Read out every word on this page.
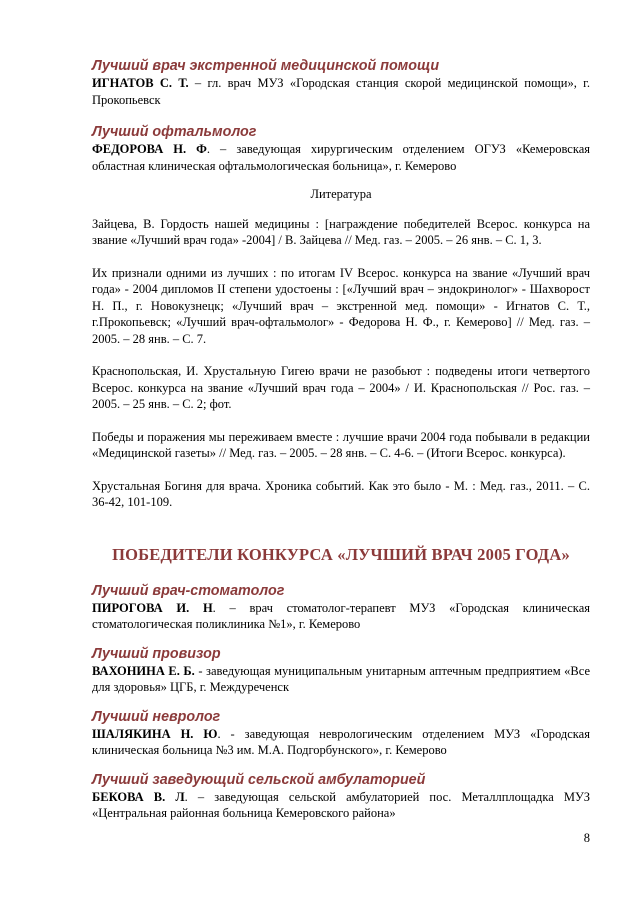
Лучший врач экстренной медицинской помощи

ИГНАТОВ С. Т. – гл. врач МУЗ «Городская станция скорой медицинской помощи», г. Прокопьевск

Лучший офтальмолог

ФЕДОРОВА Н. Ф. – заведующая хирургическим отделением ОГУЗ «Кемеровская областная клиническая офтальмологическая больница», г. Кемерово

Литература

Зайцева, В. Гордость нашей медицины : [награждение победителей Всерос. конкурса на звание «Лучший врач года» -2004] / В. Зайцева // Мед. газ. – 2005. – 26 янв. – С. 1, 3.

Их признали одними из лучших : по итогам IV Всерос. конкурса на звание «Лучший врач года» - 2004 дипломов II степени удостоены : [«Лучший врач – эндокринолог» - Шахворост Н. П., г. Новокузнецк; «Лучший врач – экстренной мед. помощи» - Игнатов С. Т., г.Прокопьевск; «Лучший врач-офтальмолог» - Федорова Н. Ф., г. Кемерово] // Мед. газ. – 2005. – 28 янв. – С. 7.

Краснопольская, И. Хрустальную Гигею врачи не разобьют : подведены итоги четвертого Всерос. конкурса на звание «Лучший врач года – 2004» / И. Краснопольская // Рос. газ. – 2005. – 25 янв. – С. 2; фот.

Победы и поражения мы переживаем вместе : лучшие врачи 2004 года побывали в редакции «Медицинской газеты» // Мед. газ. – 2005. – 28 янв. – С. 4-6. – (Итоги Всерос. конкурса).

Хрустальная Богиня для врача. Хроника событий. Как это было - М. : Мед. газ., 2011. – С. 36-42, 101-109.

ПОБЕДИТЕЛИ КОНКУРСА «ЛУЧШИЙ ВРАЧ 2005 ГОДА»

Лучший врач-стоматолог

ПИРОГОВА И. Н. – врач стоматолог-терапевт МУЗ «Городская клиническая стоматологическая поликлиника №1», г. Кемерово

Лучший провизор

ВАХОНИНА Е. Б. - заведующая муниципальным унитарным аптечным предприятием «Все для здоровья» ЦГБ, г. Междуреченск

Лучший невролог

ШАЛЯКИНА Н. Ю. - заведующая неврологическим отделением МУЗ «Городская клиническая больница №3 им. М.А. Подгорбунского», г. Кемерово

Лучший заведующий сельской амбулаторией

БЕКОВА В. Л. – заведующая сельской амбулаторией пос. Металлплощадка МУЗ «Центральная районная больница Кемеровского района»

8
